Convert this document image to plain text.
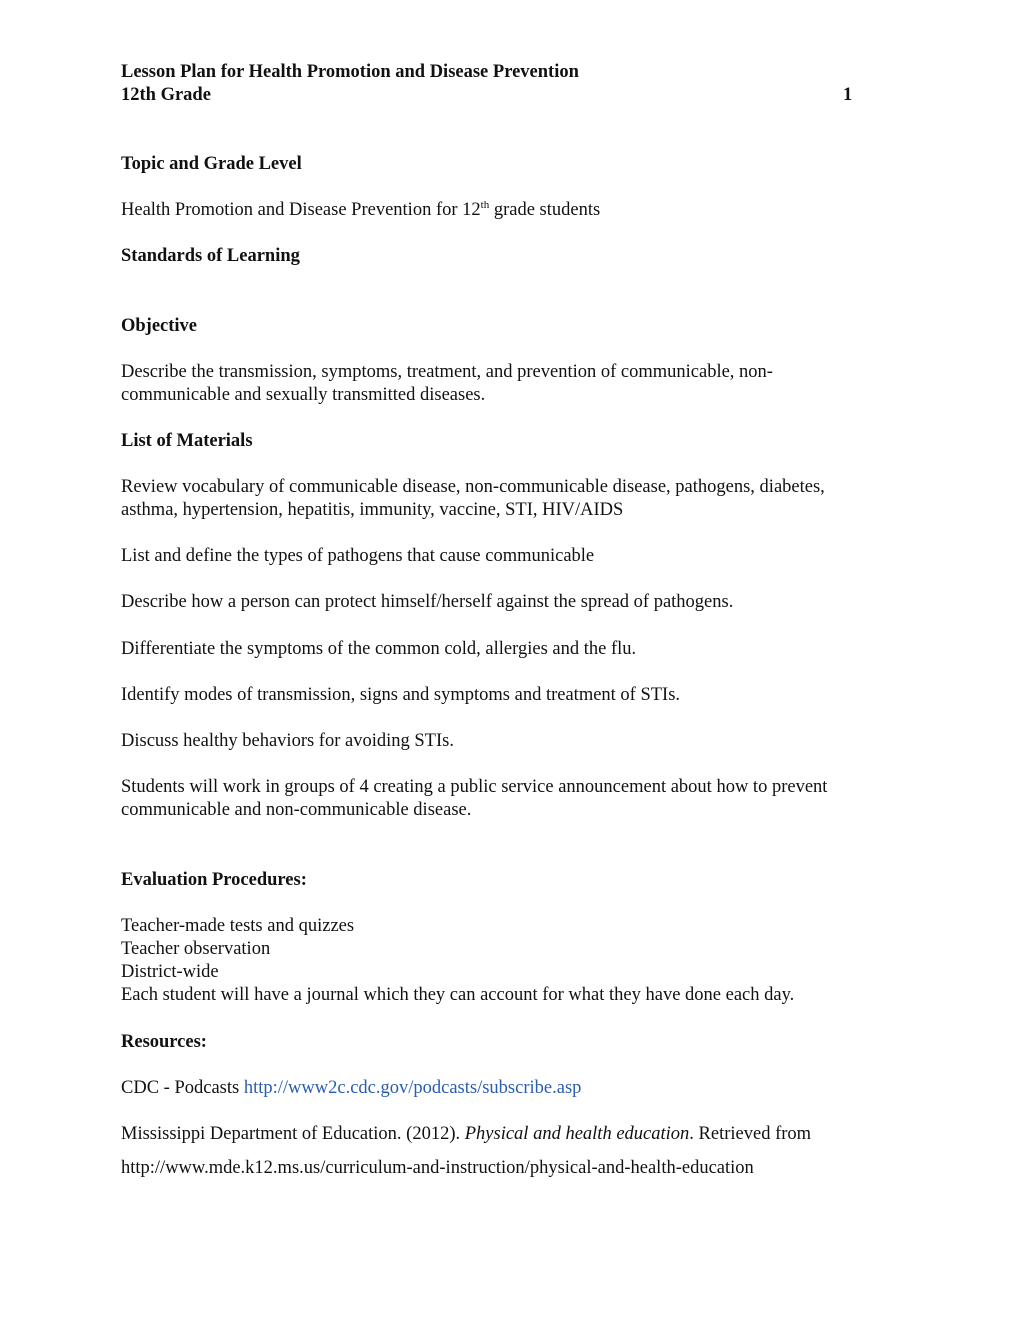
Lesson Plan for Health Promotion and Disease Prevention
12th Grade	1
Topic and Grade Level
Health Promotion and Disease Prevention for 12th grade students
Standards of Learning
Objective
Describe the transmission, symptoms, treatment, and prevention of communicable, non-
communicable and sexually transmitted diseases.
List of Materials
Review vocabulary of communicable disease, non-communicable disease, pathogens, diabetes,
asthma, hypertension, hepatitis, immunity, vaccine, STI, HIV/AIDS
List and define the types of pathogens that cause communicable
Describe how a person can protect himself/herself against the spread of pathogens.
Differentiate the symptoms of the common cold, allergies and the flu.
Identify modes of transmission, signs and symptoms and treatment of STIs.
Discuss healthy behaviors for avoiding STIs.
Students will work in groups of 4 creating a public service announcement about how to prevent
communicable and non-communicable disease.
Evaluation Procedures:
Teacher-made tests and quizzes
Teacher observation
District-wide
Each student will have a journal which they can account for what they have done each day.
Resources:
CDC - Podcasts http://www2c.cdc.gov/podcasts/subscribe.asp
Mississippi Department of Education. (2012). Physical and health education. Retrieved from
http://www.mde.k12.ms.us/curriculum-and-instruction/physical-and-health-education
